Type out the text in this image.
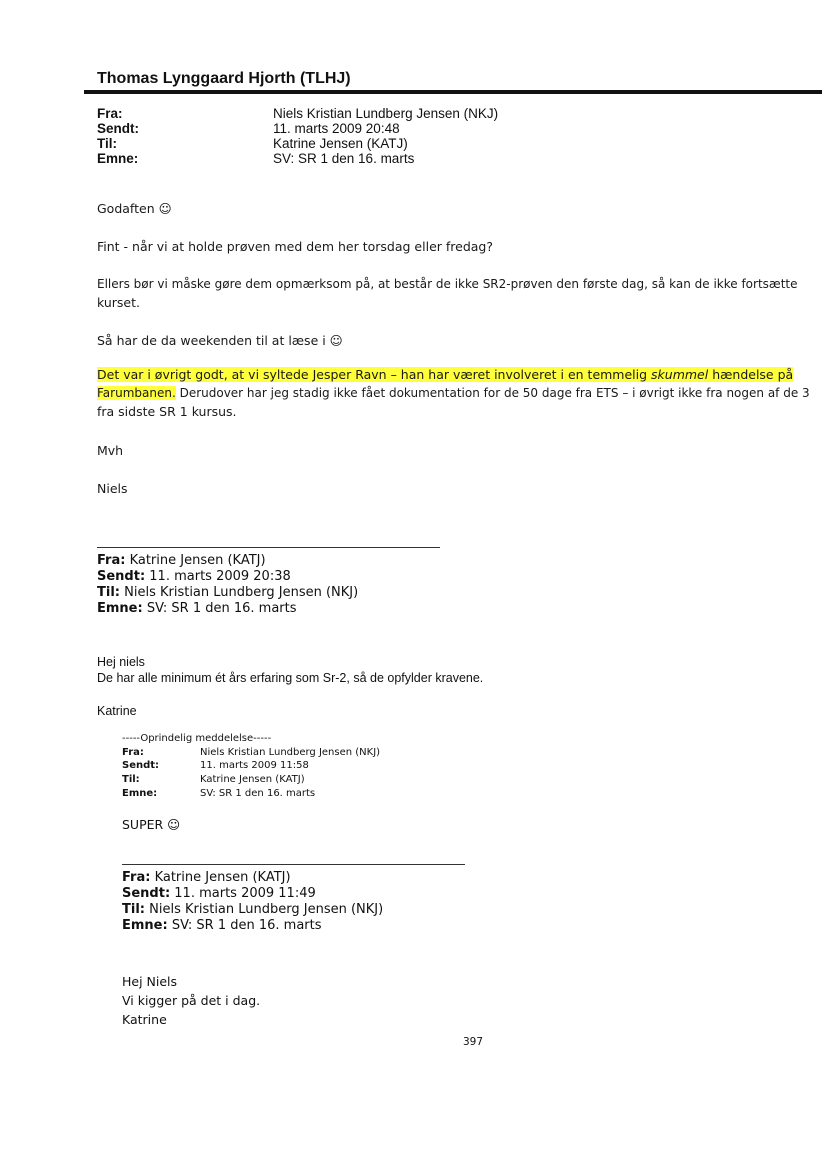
Thomas Lynggaard Hjorth (TLHJ)
Fra:	Niels Kristian Lundberg Jensen (NKJ)
Sendt:	11. marts 2009 20:48
Til:	Katrine Jensen (KATJ)
Emne:	SV: SR 1 den 16. marts
Godaften ☺
Fint - når vi at holde prøven med dem her torsdag eller fredag?
Ellers bør vi måske gøre dem opmærksom på, at består de ikke SR2-prøven den første dag, så kan de ikke fortsætte
kurset.
Så har de da weekenden til at læse i ☺
Det var i øvrigt godt, at vi syltede Jesper Ravn – han har været involveret i en temmelig skummel hændelse på
Farumbanen. Derudover har jeg stadig ikke fået dokumentation for de 50 dage fra ETS – i øvrigt ikke fra nogen af de 3
fra sidste SR 1 kursus.
Mvh
Niels
Fra: Katrine Jensen (KATJ)
Sendt: 11. marts 2009 20:38
Til: Niels Kristian Lundberg Jensen (NKJ)
Emne: SV: SR 1 den 16. marts
Hej niels
De har alle minimum ét års erfaring som Sr-2, så de opfylder kravene.
Katrine
-----Oprindelig meddelelse-----
Fra:	Niels Kristian Lundberg Jensen (NKJ)
Sendt:	11. marts 2009 11:58
Til:	Katrine Jensen (KATJ)
Emne:	SV: SR 1 den 16. marts
SUPER ☺
Fra: Katrine Jensen (KATJ)
Sendt: 11. marts 2009 11:49
Til: Niels Kristian Lundberg Jensen (NKJ)
Emne: SV: SR 1 den 16. marts
Hej Niels
Vi kigger på det i dag.
Katrine
397
